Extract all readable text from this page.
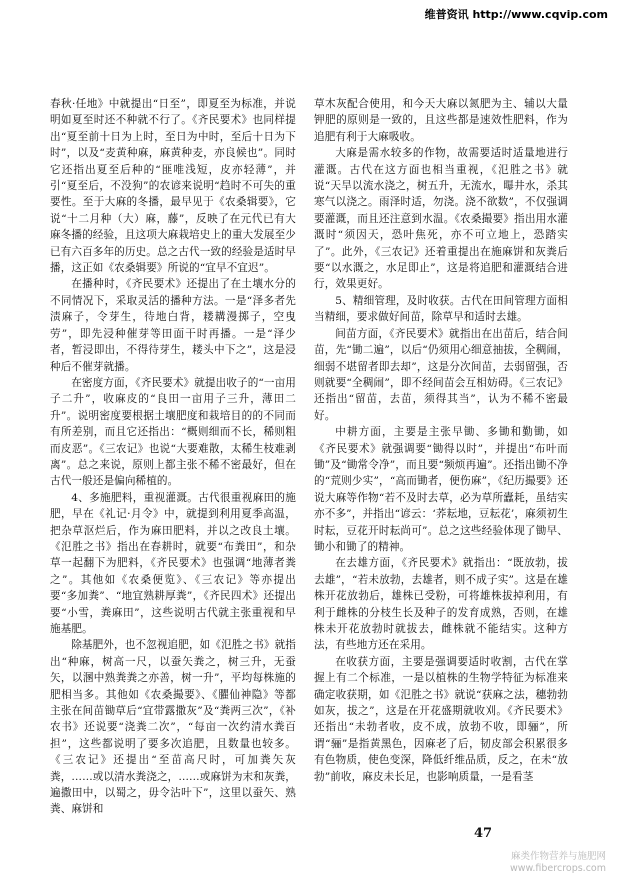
维普资讯 http://www.cqvip.com

春秋·任地》中就提出“日至”，即夏至为标准，并说明如夏至时还不种就不行了。《齐民要术》也同样提出“夏至前十日为上时，至日为中时，至后十日为下时”，以及“麦黄种麻，麻黄种麦，亦良候也”。同时它还指出夏至后种的“匪唯浅短，皮亦轻薄”，并引“夏至后，不没狗”的农谚来说明“趋时不可失的重要性。至于大麻的冬播，最早见于《农桑辑要》，它说“十二月种（大）麻，藤”，反映了在元代已有大麻冬播的经验，且这项大麻栽培史上的重大发展至少已有六百多年的历史。总之古代一致的经验是适时早播，这正如《农桑辑要》所说的“宜早不宜迟”。

在播种时，《齐民要术》还提出了在土壤水分的不同情况下，采取灵活的播种方法。一是“泽多者先渍麻子，令芽生，待地白背，耧耩漫掷子，空曳劳”，即先浸种催芽等田面干时再播。一是“泽少者，暂浸即出，不得待芽生，耧头中下之”，这是浸种后不催芽就播。

在密度方面，《齐民要术》就提出收子的“一亩用子二升”，收麻皮的“良田一亩用子三升，薄田二升”。说明密度要根据土壤肥度和栽培目的的不同而有所差别，而且它还指出：“概则细而不长，稀则粗而皮恶”。《三农记》也说“大要难散，太稀生枝难剥离”。总之来说，原则上都主张不稀不密最好，但在古代一般还是偏向稀植的。

4、多施肥料，重视灌溉。古代很重视麻田的施肥，早在《礼记·月令》中，就提到利用夏季高温，把杂草沤烂后，作为麻田肥料，并以之改良土壤。《氾胜之书》指出在春耕时，就要“布粪田”，和杂草一起翻下为肥料，《齐民要术》也强调“地薄者粪之”。其他如《农桑便览》、《三农记》等亦提出要“多加粪”、“地宜熟耕厚粪”，《齐民四术》还提出要“小雪，粪麻田”，这些说明古代就主张重视和早施基肥。

除基肥外，也不忽视追肥，如《氾胜之书》就指出“种麻，树高一尺，以蚕矢粪之，树三升，无蚕矢，以溷中熟粪粪之亦善，树一升”，平均每株施的肥相当多。其他如《农桑撮要》、《臞仙神隐》等都主张在间苗锄草后“宜带露撒灰”及“粪两三次”，《补农书》还说要“浇粪二次”，“每亩一次约清水粪百担”，这些都说明了要多次追肥，且数量也较多。《三农记》还提出“至苗高尺时，可加粪矢灰粪，……或以清水粪浇之，……或麻饼为末和灰粪，遍撒田中，以蜀之，毋令沾叶下”，这里以蚕矢、熟粪、麻饼和

草木灰配合使用，和今天大麻以氮肥为主、辅以大量钾肥的原则是一致的，且这些都是速效性肥料，作为追肥有利于大麻吸收。

大麻是需水较多的作物，故需要适时适量地进行灌溉。古代在这方面也相当重视，《氾胜之书》就说“天旱以流水浇之，树五升，无流水，曝井水，杀其寒气以浇之。雨泽时适，勿浇。浇不欲数”，不仅强调要灌溉，而且还注意到水温。《农桑撮要》指出用水灌溉时“须因天，恐叶焦死，亦不可立地上，恐踏实了”。此外，《三农记》还着重提出在施麻饼和灰粪后要“以水溉之，水足即止”，这是将追肥和灌溉结合进行，效果更好。

5、精细管理，及时收获。古代在田间管理方面相当精细，要求做好间苗，除草早和适时去雄。

间苗方面，《齐民要术》就指出在出苗后，结合间苗，先“锄二遍”，以后“仍须用心细意抽拔，全稠闹，细弱不堪留者即去却”，这是分次间苗，去弱留强，否则就要“全稠闹”，即不经间苗会互相妨碍。《三农记》还指出“留苗，去苗，须得其当”，认为不稀不密最好。

中耕方面，主要是主张早锄、多锄和勤锄，如《齐民要术》就强调要“锄得以时”，并提出“布叶而锄”及“锄常令净”，而且要“频烦再遍”。还指出锄不净的“荒则少实”，“高而锄者，便伤麻”，《纪历撮要》还说大麻等作物“若不及时去草，必为草所蠹耗，虽结实亦不多”，并指出“谚云：‘荞耘地，豆耘花’，麻须初生时耘，豆花开时耘尚可”。总之这些经验体现了锄早、锄小和锄了的精神。

在去雄方面，《齐民要术》就指出：“既放勃，拔去雄”，“若未放勃，去雄者，则不成子实”。这是在雄株开花放勃后，雄株已受粉，可将雄株拔掉利用，有利于雌株的分枝生长及种子的发育成熟，否则，在雄株未开花放勃时就拔去，雌株就不能结实。这种方法，有些地方还在采用。

在收获方面，主要是强调要适时收割，古代在掌握上有二个标准，一是以植株的生物学特征为标准来确定收获期，如《氾胜之书》就说“获麻之法，穗勃勃如灰，拔之”，这是在开花盛期就收刈。《齐民要术》还指出“未勃者收，皮不成，放勃不收，即骊”，所谓“骊”是指黄黑色，因麻老了后，韧皮部会积累很多有色物质，使色变深，降低纤维品质，反之，在未“放勃”前收，麻皮未长足，也影响质量，一是看茎

47
麻类作物营养与施肥网
www.fibercrops.com
